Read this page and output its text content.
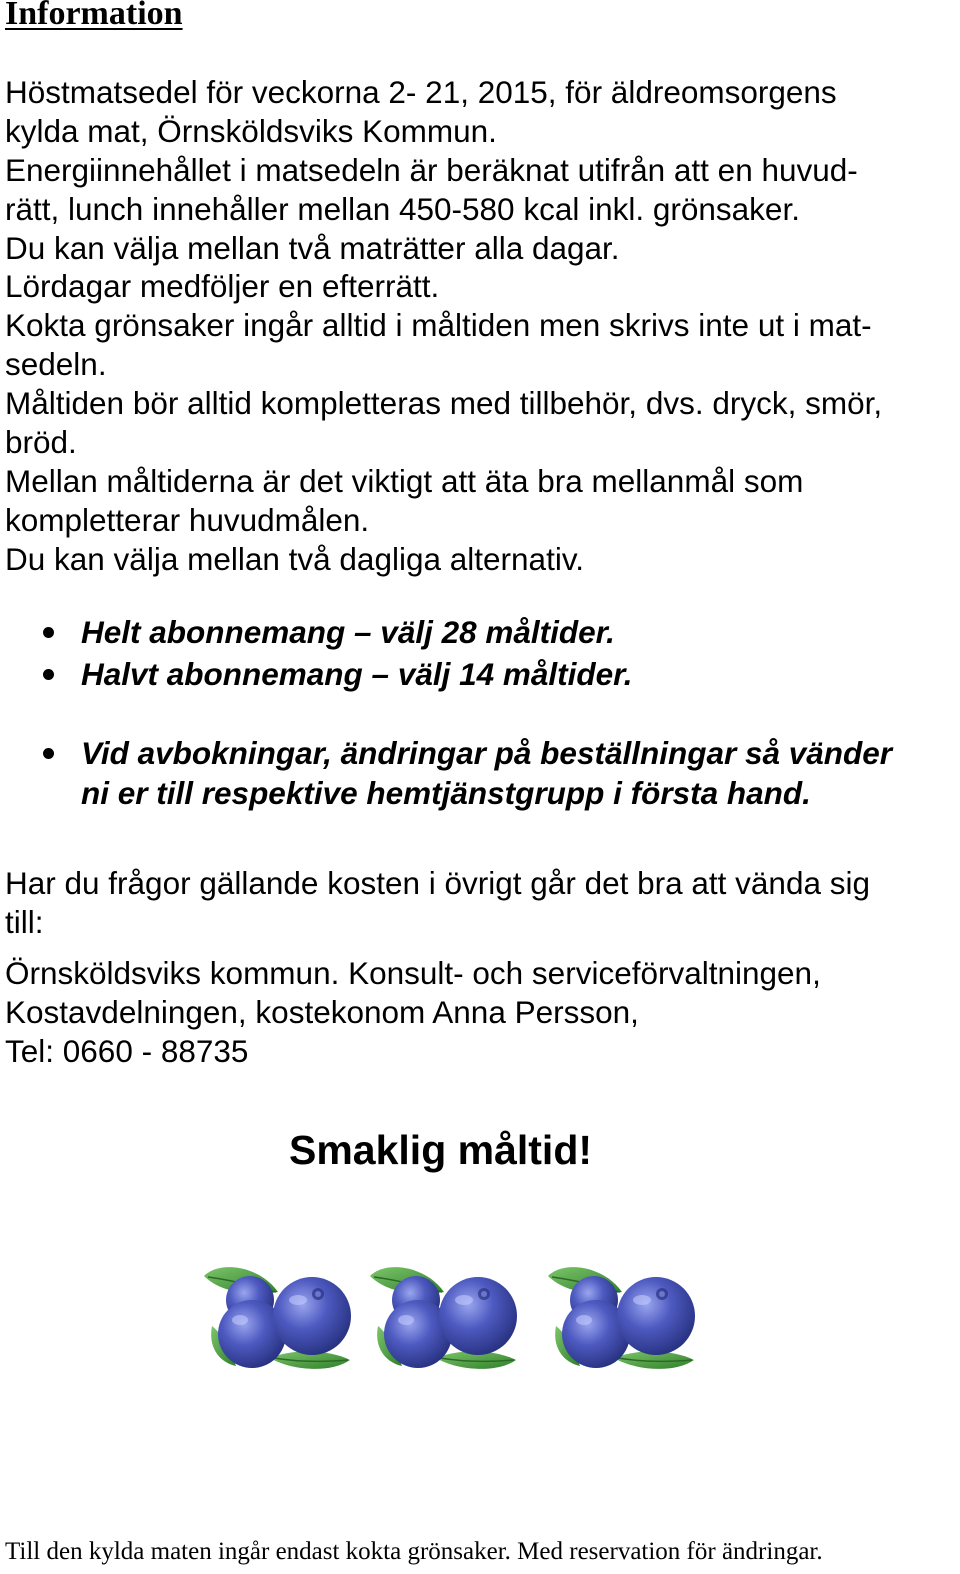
Information
Höstmatsedel för veckorna 2- 21, 2015, för äldreomsorgens
kylda mat, Örnsköldsviks Kommun.
Energiinnehållet i matsedeln är beräknat utifrån att en huvud-
rätt, lunch innehåller mellan 450-580 kcal inkl. grönsaker.
Du kan välja mellan två maträtter alla dagar.
Lördagar medföljer en efterrätt.
Kokta grönsaker ingår alltid i måltiden men skrivs inte ut i mat-
sedeln.
Måltiden bör alltid kompletteras med tillbehör, dvs. dryck, smör,
bröd.
Mellan måltiderna är det viktigt att äta bra mellanmål som
kompletterar huvudmålen.
Du kan välja mellan två dagliga alternativ.
Helt abonnemang – välj 28 måltider.
Halvt abonnemang – välj 14 måltider.
Vid avbokningar, ändringar på beställningar så vänder
ni er till respektive hemtjänstgrupp i första hand.
Har du frågor gällande kosten i övrigt går det bra att vända sig
till:
Örnsköldsviks kommun. Konsult- och serviceförvaltningen,
Kostavdelningen, kostekonom Anna Persson,
Tel: 0660 - 88735
Smaklig måltid!
Till den kylda maten ingår endast kokta grönsaker. Med reservation för ändringar.
